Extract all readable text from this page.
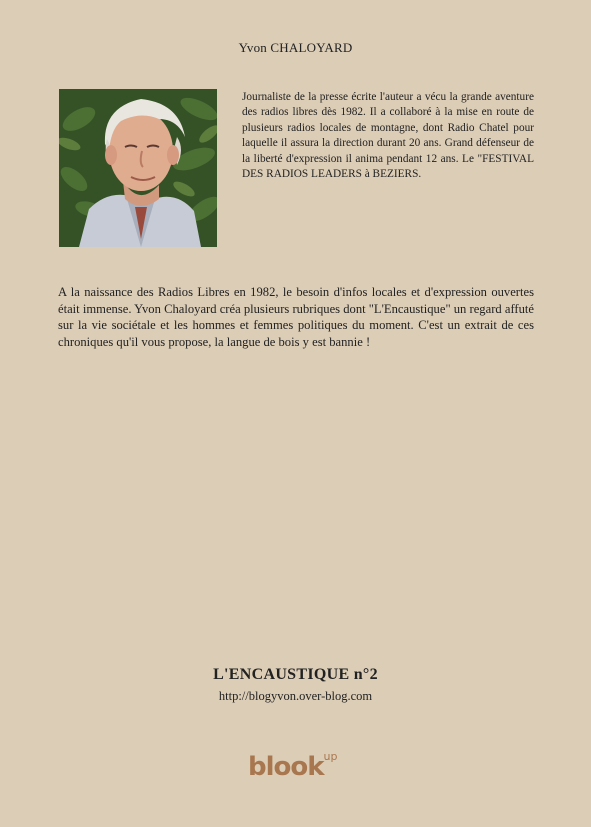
Yvon CHALOYARD
Journaliste de la presse écrite l'auteur a vécu la grande aventure des radios libres dès 1982. Il a collaboré à la mise en route de plusieurs radios locales de montagne, dont Radio Chatel pour laquelle il assura la direction durant 20 ans. Grand défenseur de la liberté d'expression il anima pendant 12 ans. Le "FESTIVAL DES RADIOS LEADERS à BEZIERS.
A la naissance des Radios Libres en 1982, le besoin d'infos locales et d'expression ouvertes était immense. Yvon Chaloyard créa plusieurs rubriques dont "L'Encaustique" un regard affuté sur la vie sociétale et les hommes et femmes politiques du moment. C'est un extrait de ces chroniques qu'il vous propose, la langue de bois y est bannie !
L'ENCAUSTIQUE n°2
http://blogyvon.over-blog.com
blook$^{up}$
